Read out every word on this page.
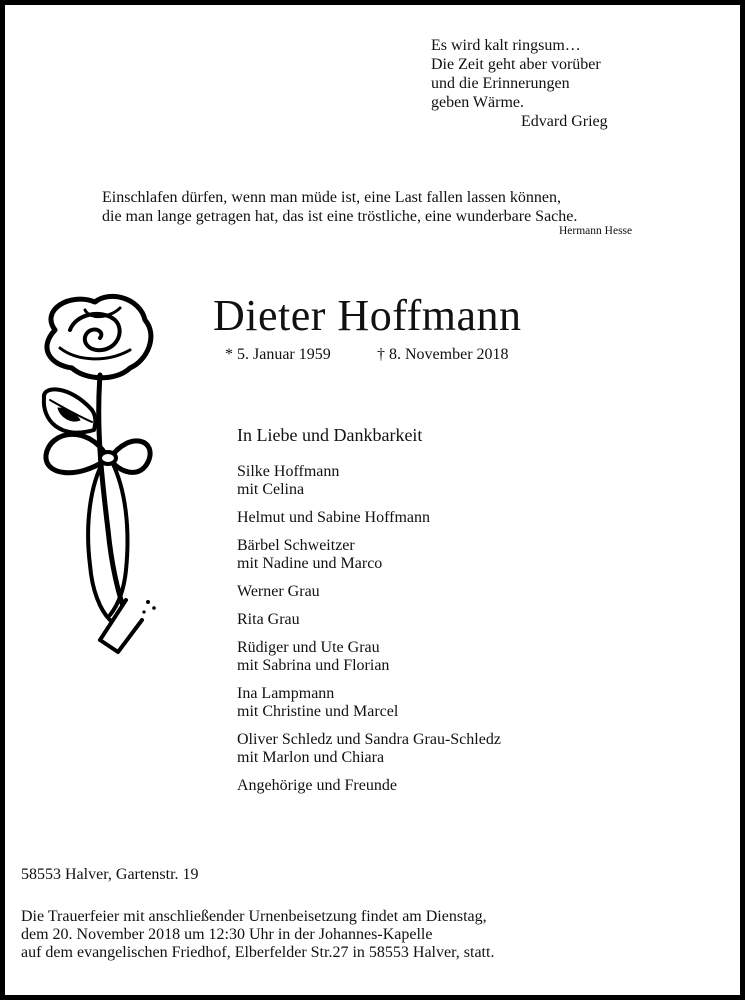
Es wird kalt ringsum…
Die Zeit geht aber vorüber
und die Erinnerungen
geben Wärme.
Edvard Grieg
Einschlafen dürfen, wenn man müde ist, eine Last fallen lassen können,
die man lange getragen hat, das ist eine tröstliche, eine wunderbare Sache.
Hermann Hesse
Dieter Hoffmann
* 5. Januar 1959	† 8. November 2018
In Liebe und Dankbarkeit
Silke Hoffmann
mit Celina
Helmut und Sabine Hoffmann
Bärbel Schweitzer
mit Nadine und Marco
Werner Grau
Rita Grau
Rüdiger und Ute Grau
mit Sabrina und Florian
Ina Lampmann
mit Christine und Marcel
Oliver Schledz und Sandra Grau-Schledz
mit Marlon und Chiara
Angehörige und Freunde
58553 Halver, Gartenstr. 19
Die Trauerfeier mit anschließender Urnenbeisetzung findet am Dienstag,
dem 20. November 2018 um 12:30 Uhr in der Johannes-Kapelle
auf dem evangelischen Friedhof, Elberfelder Str.27 in 58553 Halver, statt.
